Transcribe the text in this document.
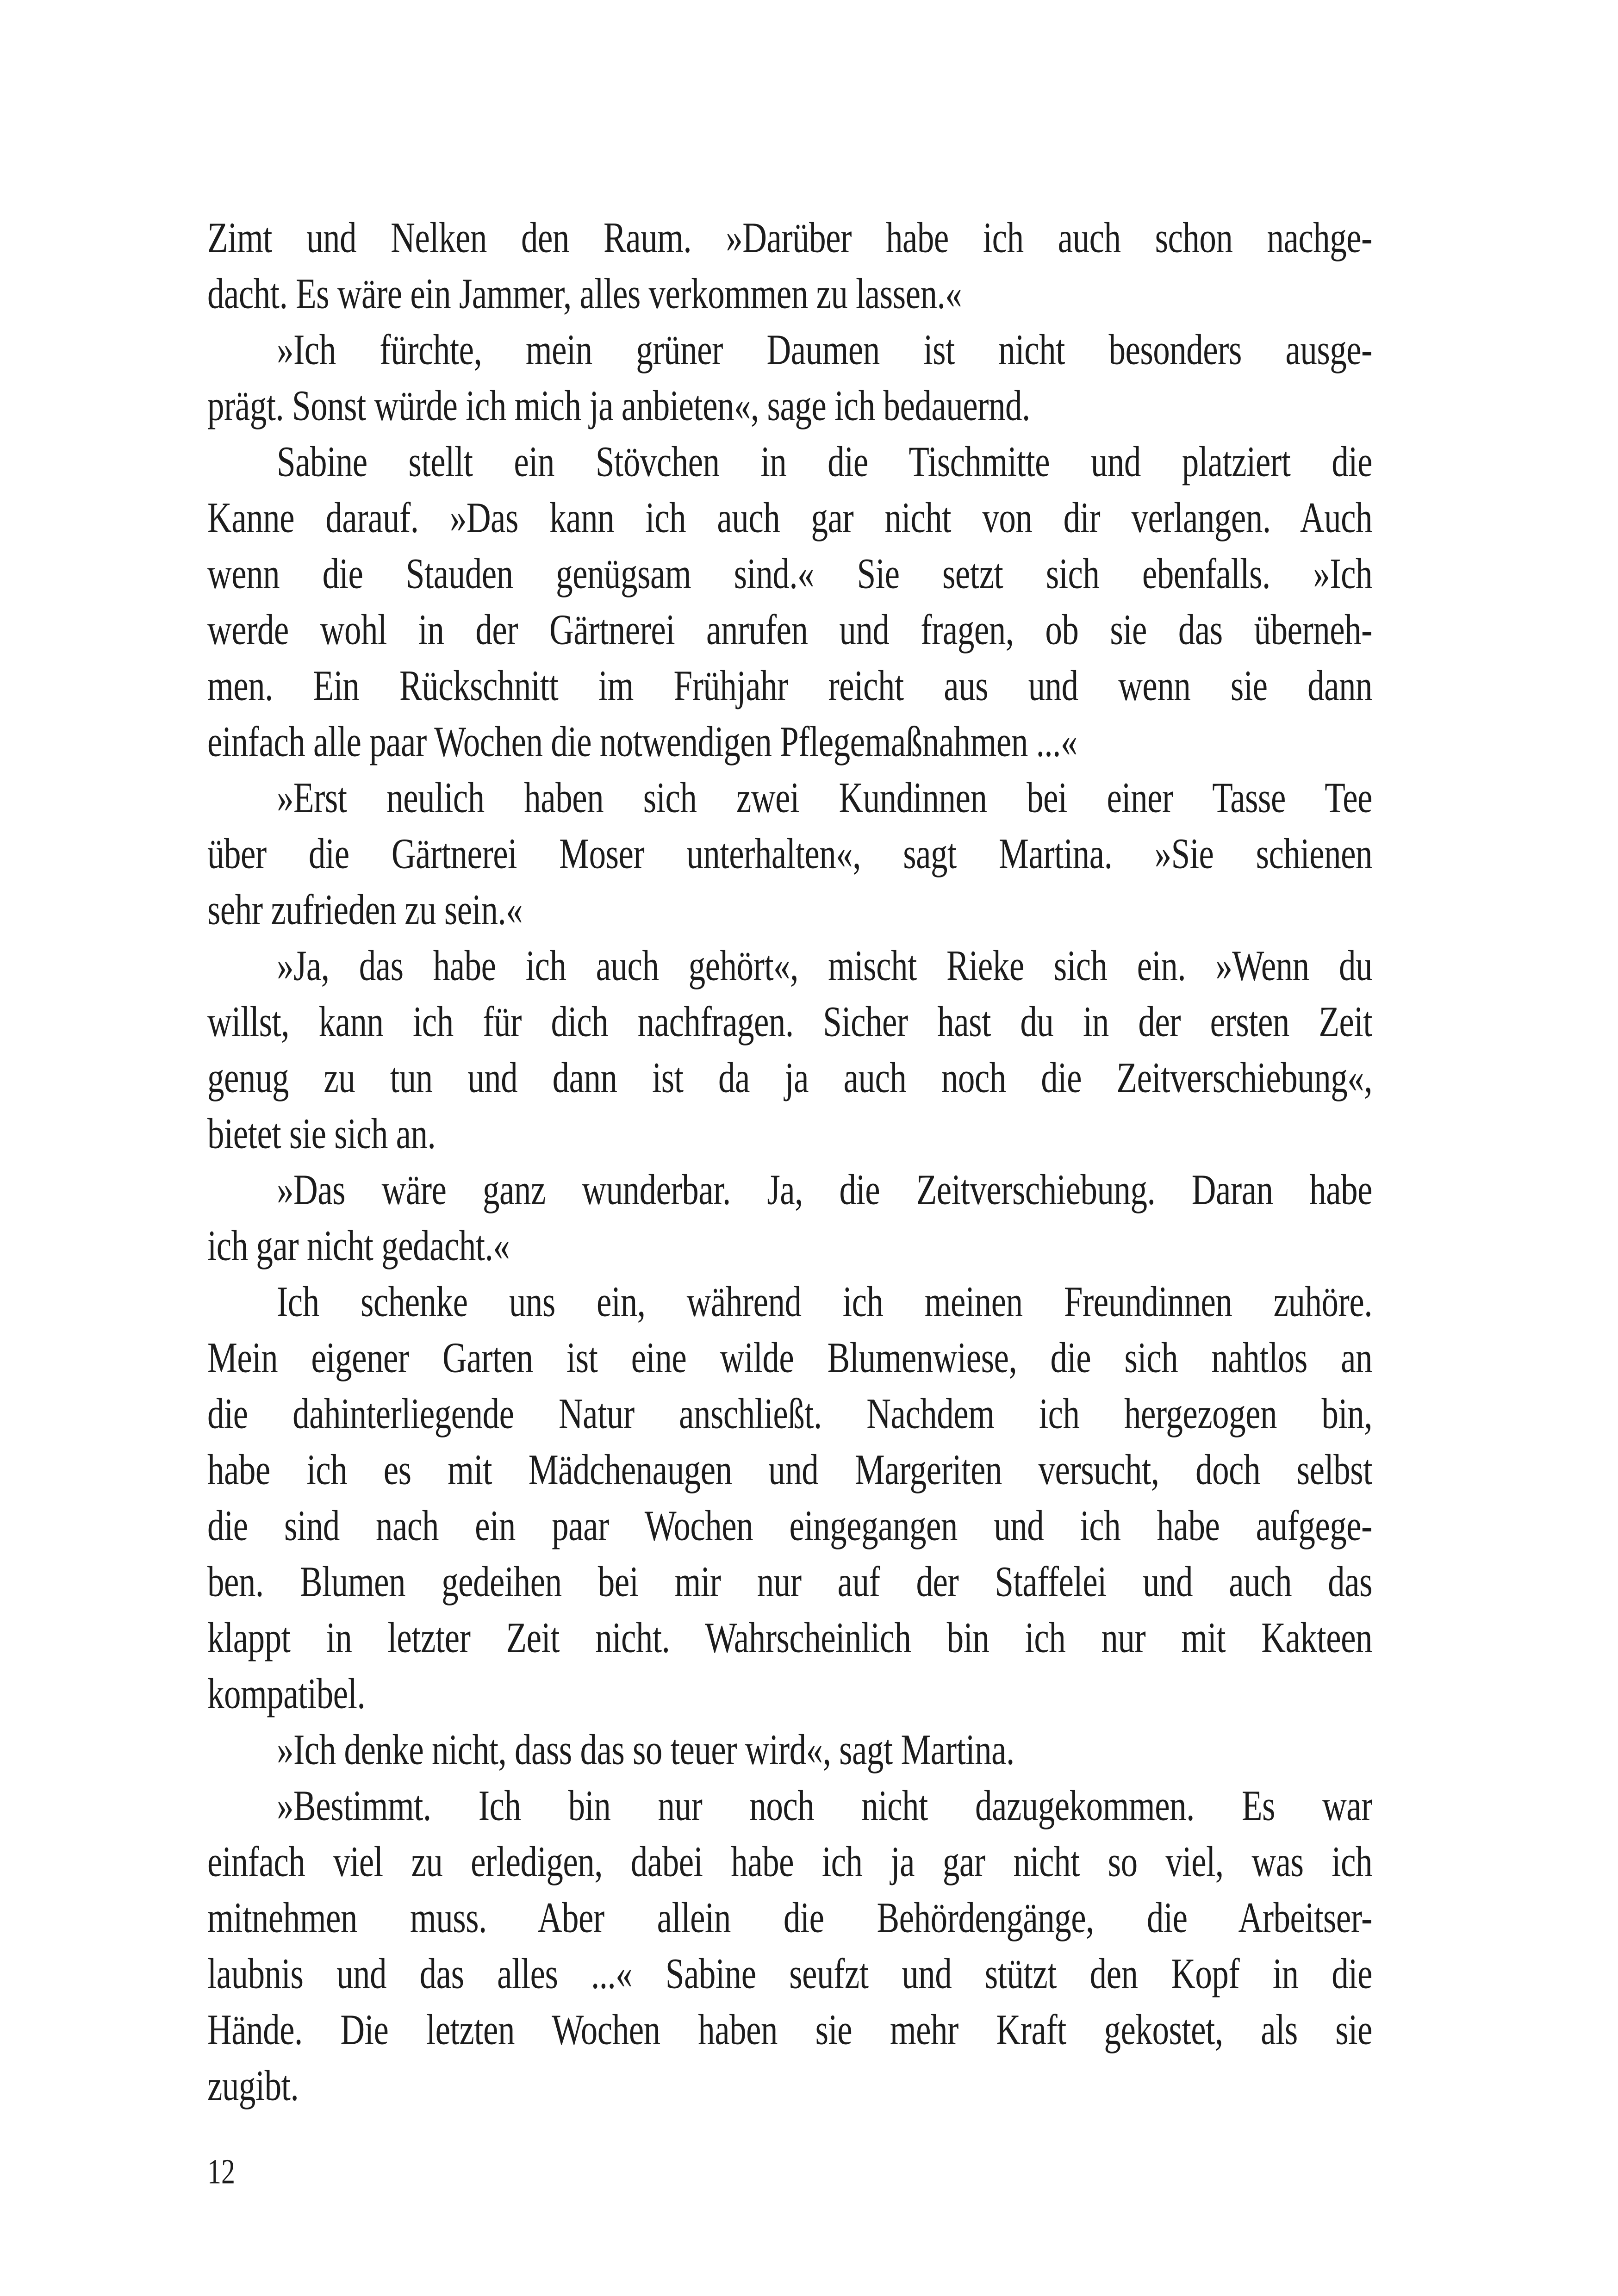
Zimt und Nelken den Raum. »Darüber habe ich auch schon nachge-

dacht. Es wäre ein Jammer, alles verkommen zu lassen.«

»Ich fürchte, mein grüner Daumen ist nicht besonders ausge-

prägt. Sonst würde ich mich ja anbieten«, sage ich bedauernd.

Sabine stellt ein Stövchen in die Tischmitte und platziert die

Kanne darauf. »Das kann ich auch gar nicht von dir verlangen. Auch

wenn die Stauden genügsam sind.« Sie setzt sich ebenfalls. »Ich

werde wohl in der Gärtnerei anrufen und fragen, ob sie das überneh-

men. Ein Rückschnitt im Frühjahr reicht aus und wenn sie dann

einfach alle paar Wochen die notwendigen Pflegemaßnahmen ...«

»Erst neulich haben sich zwei Kundinnen bei einer Tasse Tee

über die Gärtnerei Moser unterhalten«, sagt Martina. »Sie schienen

sehr zufrieden zu sein.«

»Ja, das habe ich auch gehört«, mischt Rieke sich ein. »Wenn du

willst, kann ich für dich nachfragen. Sicher hast du in der ersten Zeit

genug zu tun und dann ist da ja auch noch die Zeitverschiebung«,

bietet sie sich an.

»Das wäre ganz wunderbar. Ja, die Zeitverschiebung. Daran habe

ich gar nicht gedacht.«

Ich schenke uns ein, während ich meinen Freundinnen zuhöre.

Mein eigener Garten ist eine wilde Blumenwiese, die sich nahtlos an

die dahinterliegende Natur anschließt. Nachdem ich hergezogen bin,

habe ich es mit Mädchenaugen und Margeriten versucht, doch selbst

die sind nach ein paar Wochen eingegangen und ich habe aufgege-

ben. Blumen gedeihen bei mir nur auf der Staffelei und auch das

klappt in letzter Zeit nicht. Wahrscheinlich bin ich nur mit Kakteen

kompatibel.

»Ich denke nicht, dass das so teuer wird«, sagt Martina.

»Bestimmt. Ich bin nur noch nicht dazugekommen. Es war

einfach viel zu erledigen, dabei habe ich ja gar nicht so viel, was ich

mitnehmen muss. Aber allein die Behördengänge, die Arbeitser-

laubnis und das alles ...« Sabine seufzt und stützt den Kopf in die

Hände. Die letzten Wochen haben sie mehr Kraft gekostet, als sie

zugibt.

12
